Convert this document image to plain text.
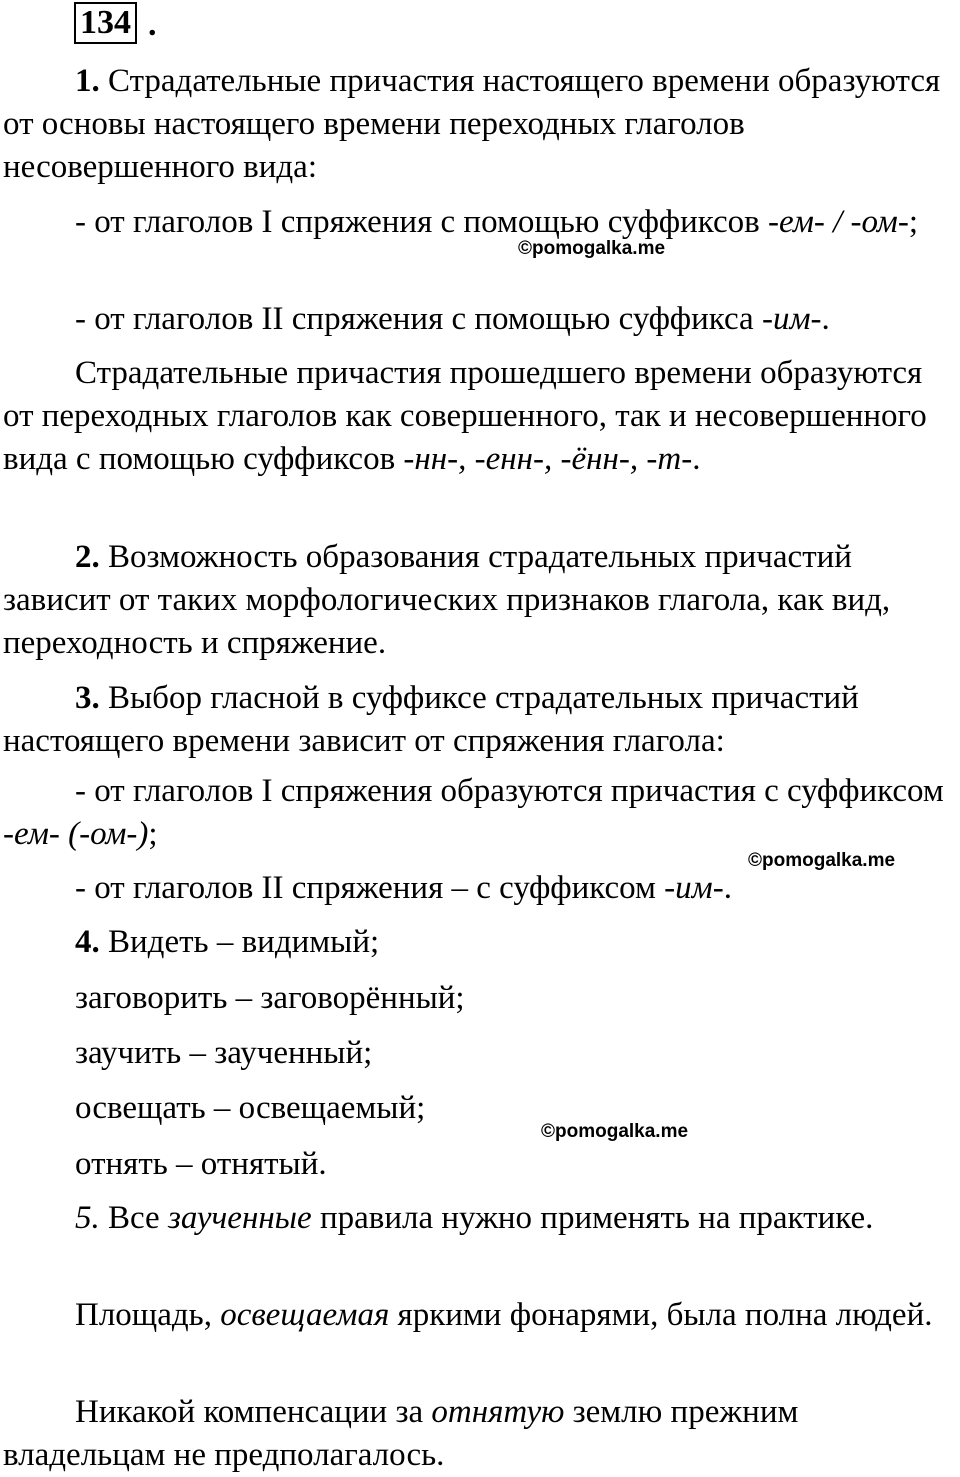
134 .

1. Страдательные причастия настоящего времени образуются от основы настоящего времени переходных глаголов несовершенного вида:

- от глаголов I спряжения с помощью суффиксов -ем- / -ом-;

©pomogalka.me

- от глаголов II спряжения с помощью суффикса -им-.

Страдательные причастия прошедшего времени образуются от переходных глаголов как совершенного, так и несовершенного вида с помощью суффиксов -нн-, -енн-, -ённ-, -т-.

2. Возможность образования страдательных причастий зависит от таких морфологических признаков глагола, как вид, переходность и спряжение.

3. Выбор гласной в суффиксе страдательных причастий настоящего времени зависит от спряжения глагола:

- от глаголов I спряжения образуются причастия с суффиксом -ем- (-ом-);

©pomogalka.me

- от глаголов II спряжения – с суффиксом -им-.

4. Видеть – видимый;

заговорить – заговорённый;

заучить – заученный;

освещать – освещаемый;

©pomogalka.me

отнять – отнятый.

5. Все заученные правила нужно применять на практике.

Площадь, освещаемая яркими фонарями, была полна людей.

Никакой компенсации за отнятую землю прежним владельцам не предполагалось.
